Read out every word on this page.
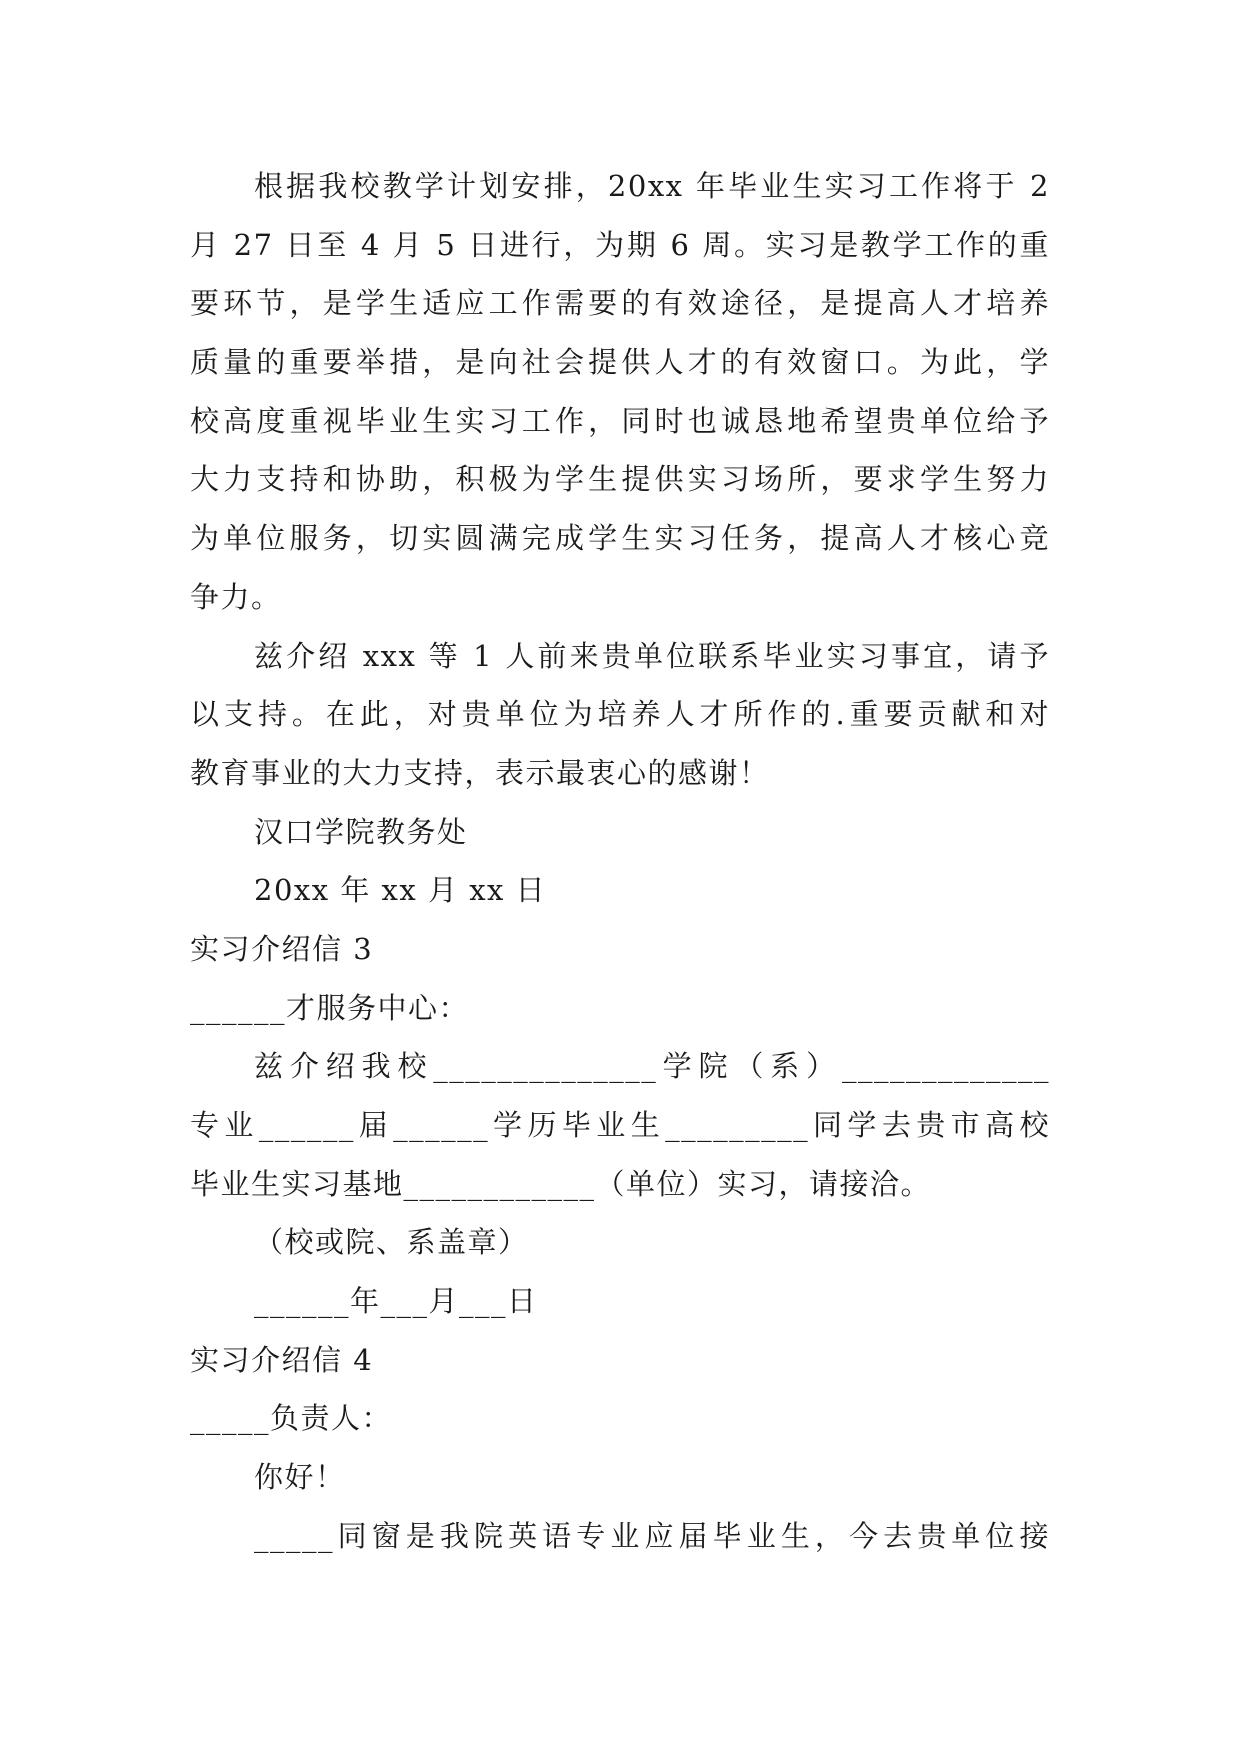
根据我校教学计划安排，20xx 年毕业生实习工作将于 2
月 27 日至 4 月 5 日进行，为期 6 周。实习是教学工作的重
要环节，是学生适应工作需要的有效途径，是提高人才培养
质量的重要举措，是向社会提供人才的有效窗口。为此，学
校高度重视毕业生实习工作，同时也诚恳地希望贵单位给予
大力支持和协助，积极为学生提供实习场所，要求学生努力
为单位服务，切实圆满完成学生实习任务，提高人才核心竞
争力。
兹介绍 xxx 等 1 人前来贵单位联系毕业实习事宜，请予
以支持。在此，对贵单位为培养人才所作的.重要贡献和对
教育事业的大力支持，表示最衷心的感谢！
汉口学院教务处
20xx 年 xx 月 xx 日
实习介绍信 3
______才服务中心：
兹介绍我校______________学院（系）_____________
专业______届______学历毕业生_________同学去贵市高校
毕业生实习基地____________（单位）实习，请接洽。
（校或院、系盖章）
______年___月___日
实习介绍信 4
_____负责人：
你好！
_____同窗是我院英语专业应届毕业生，今去贵单位接
